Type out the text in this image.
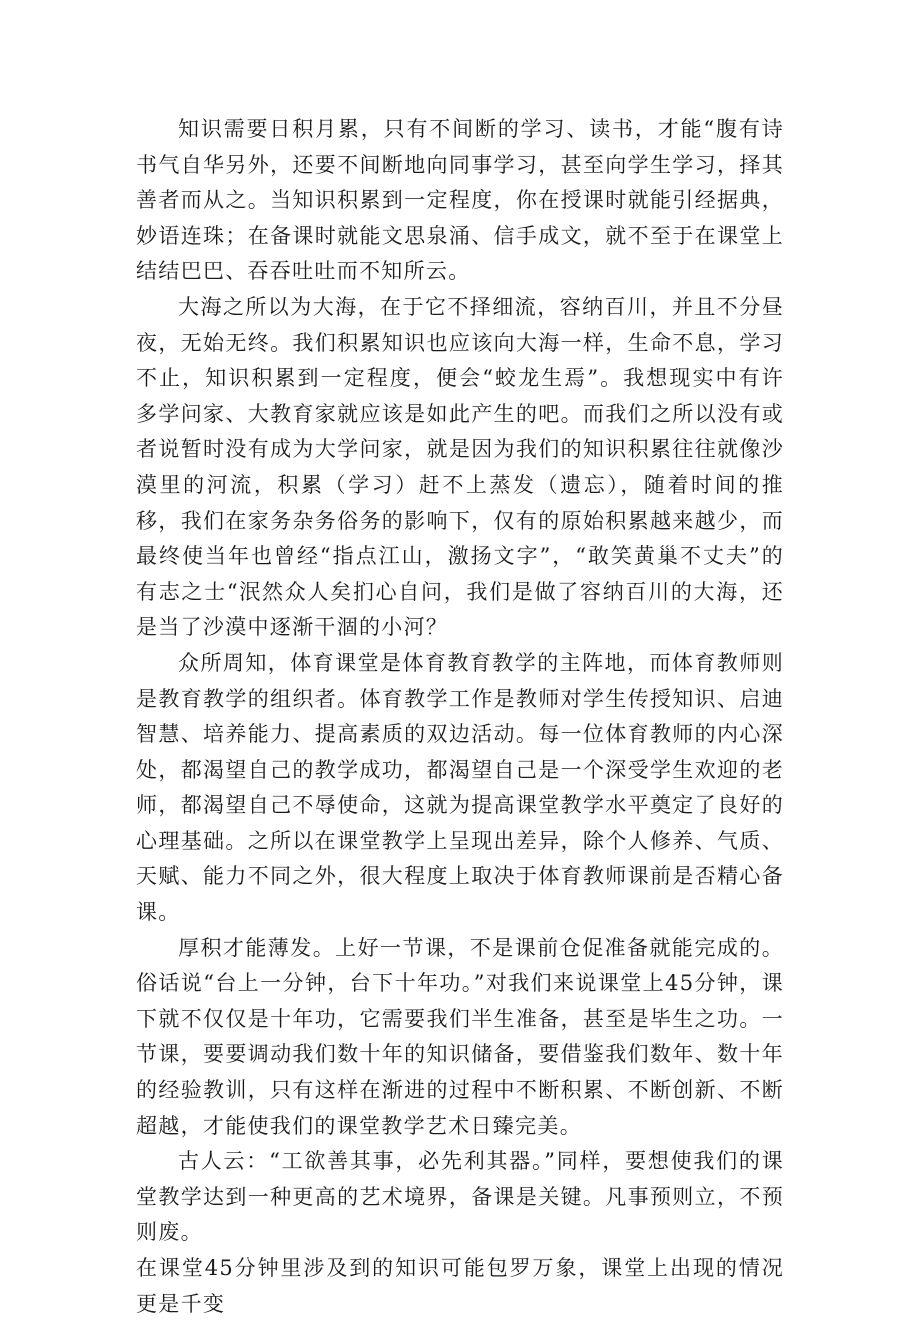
知识需要日积月累，只有不间断的学习、读书，才能“腹有诗书气自华另外，还要不间断地向同事学习，甚至向学生学习，择其善者而从之。当知识积累到一定程度，你在授课时就能引经据典，妙语连珠；在备课时就能文思泉涌、信手成文，就不至于在课堂上结结巴巴、吞吞吐吐而不知所云。

大海之所以为大海，在于它不择细流，容纳百川，并且不分昼夜，无始无终。我们积累知识也应该向大海一样，生命不息，学习不止，知识积累到一定程度，便会“蛟龙生焉”。我想现实中有许多学问家、大教育家就应该是如此产生的吧。而我们之所以没有或者说暂时没有成为大学问家，就是因为我们的知识积累往往就像沙漠里的河流，积累（学习）赶不上蒸发（遗忘），随着时间的推移，我们在家务杂务俗务的影响下，仅有的原始积累越来越少，而最终使当年也曾经“指点江山，激扬文字”，“敢笑黄巢不丈夫”的有志之士“泯然众人矣扪心自问，我们是做了容纳百川的大海，还是当了沙漠中逐渐干涸的小河？

众所周知，体育课堂是体育教育教学的主阵地，而体育教师则是教育教学的组织者。体育教学工作是教师对学生传授知识、启迪智慧、培养能力、提高素质的双边活动。每一位体育教师的内心深处，都渴望自己的教学成功，都渴望自己是一个深受学生欢迎的老师，都渴望自己不辱使命，这就为提高课堂教学水平奠定了良好的心理基础。之所以在课堂教学上呈现出差异，除个人修养、气质、天赋、能力不同之外，很大程度上取决于体育教师课前是否精心备课。

厚积才能薄发。上好一节课，不是课前仓促准备就能完成的。俗话说“台上一分钟，台下十年功。”对我们来说课堂上45分钟，课下就不仅仅是十年功，它需要我们半生准备，甚至是毕生之功。一节课，要要调动我们数十年的知识储备，要借鉴我们数年、数十年的经验教训，只有这样在渐进的过程中不断积累、不断创新、不断超越，才能使我们的课堂教学艺术日臻完美。

古人云：“工欲善其事，必先利其器。”同样，要想使我们的课堂教学达到一种更高的艺术境界，备课是关键。凡事预则立，不预则废。

在课堂45分钟里涉及到的知识可能包罗万象，课堂上出现的情况更是千变
